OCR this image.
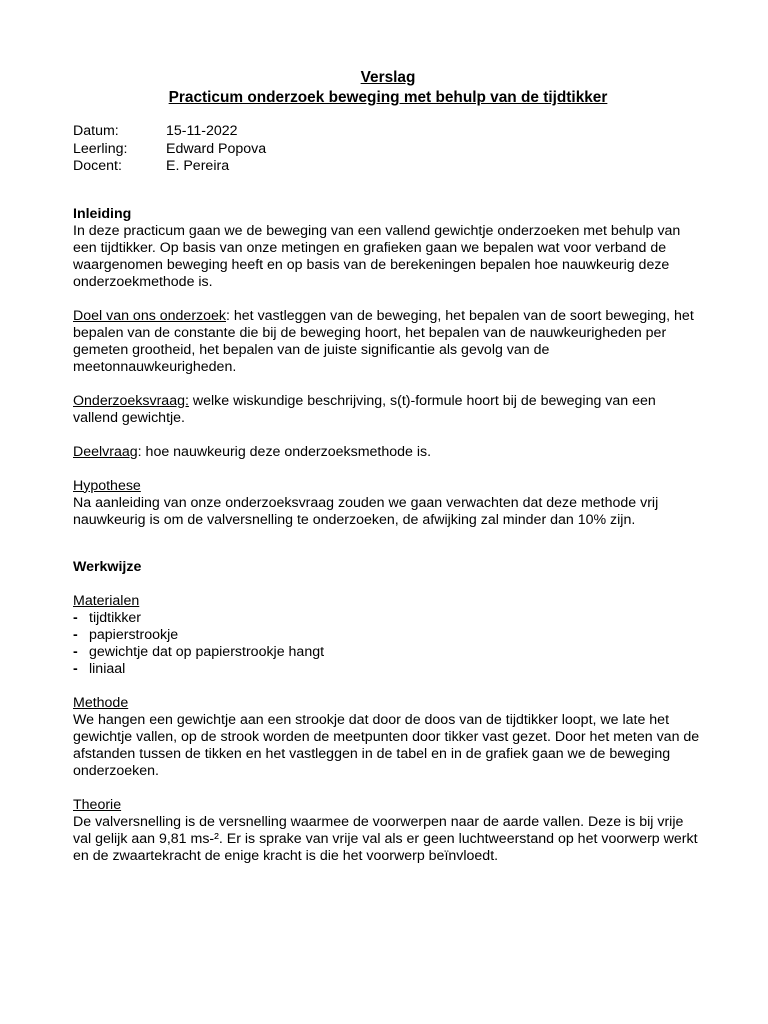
Verslag
Practicum onderzoek beweging met behulp van de tijdtikker
Datum:	15-11-2022
Leerling:	Edward Popova
Docent:	E. Pereira
Inleiding

In deze practicum gaan we de beweging van een vallend gewichtje onderzoeken met behulp van een tijdtikker. Op basis van onze metingen en grafieken gaan we bepalen wat voor verband de waargenomen beweging heeft en op basis van de berekeningen bepalen hoe nauwkeurig deze onderzoekmethode is.

Doel van ons onderzoek: het vastleggen van de beweging, het bepalen van de soort beweging, het bepalen van de constante die bij de beweging hoort, het bepalen van de nauwkeurigheden per gemeten grootheid, het bepalen van de juiste significantie als gevolg van de meetonnauwkeurigheden.

Onderzoeksvraag: welke wiskundige beschrijving, s(t)-formule hoort bij de beweging van een vallend gewichtje.

Deelvraag: hoe nauwkeurig deze onderzoeksmethode is.

Hypothese

Na aanleiding van onze onderzoeksvraag zouden we gaan verwachten dat deze methode vrij nauwkeurig is om de valversnelling te onderzoeken, de afwijking zal minder dan 10% zijn.

Werkwijze
Materialen
- tijdtikker
- papierstrookje
- gewichtje dat op papierstrookje hangt
- liniaal
Methode

We hangen een gewichtje aan een strookje dat door de doos van de tijdtikker loopt, we late het gewichtje vallen, op de strook worden de meetpunten door tikker vast gezet. Door het meten van de afstanden tussen de tikken en het vastleggen in de tabel en in de grafiek gaan we de beweging onderzoeken.

Theorie

De valversnelling is de versnelling waarmee de voorwerpen naar de aarde vallen. Deze is bij vrije val gelijk aan 9,81 ms-². Er is sprake van vrije val als er geen luchtweerstand op het voorwerp werkt en de zwaartekracht de enige kracht is die het voorwerp beïnvloedt.
